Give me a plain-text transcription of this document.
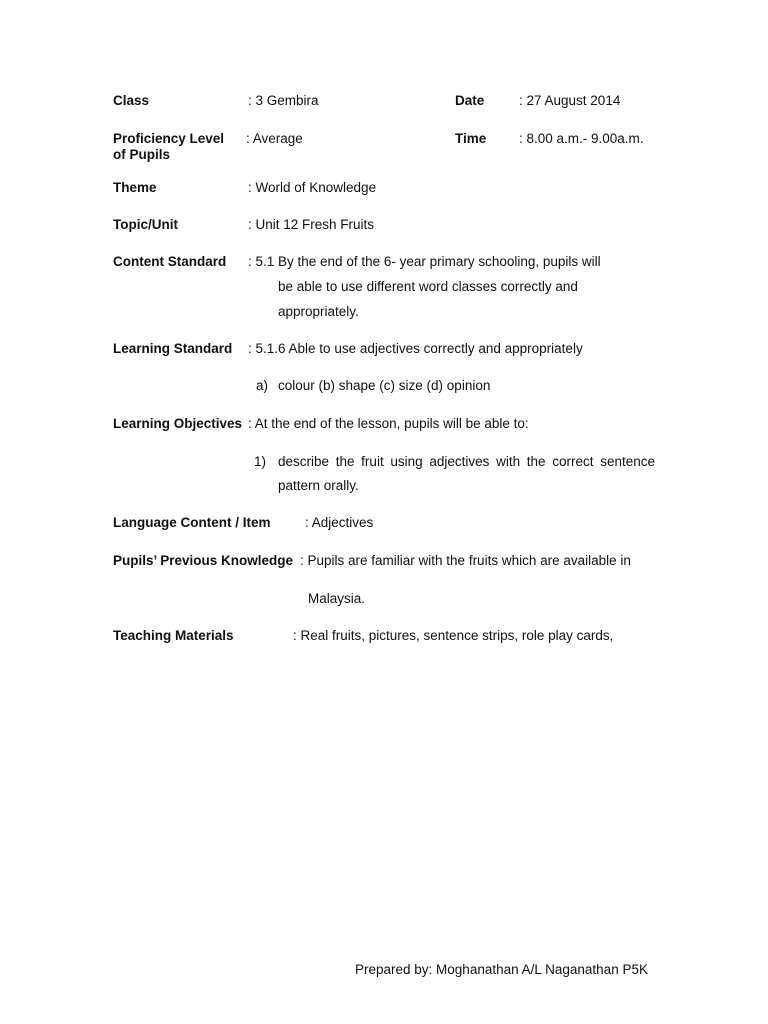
Class	: 3 Gembira	Date	: 27 August 2014
Proficiency Level
of Pupils
: Average	Time : 8.00 a.m.- 9.00a.m.
Theme	: World of Knowledge
Topic/Unit	: Unit 12 Fresh Fruits
Content Standard : 5.1 By the end of the 6- year primary schooling, pupils will
be able to use different word classes correctly and
appropriately.
Learning Standard : 5.1.6 Able to use adjectives correctly and appropriately
a) colour (b) shape (c) size (d) opinion
Learning Objectives : At the end of the lesson, pupils will be able to:
1) describe the fruit using adjectives with the correct sentence
pattern orally.
Language Content / Item	: Adjectives
Pupils’ Previous Knowledge : Pupils are familiar with the fruits which are available in
Malaysia.
Teaching Materials	: Real fruits, pictures, sentence strips, role play cards,
Prepared by: Moghanathan A/L Naganathan P5K
